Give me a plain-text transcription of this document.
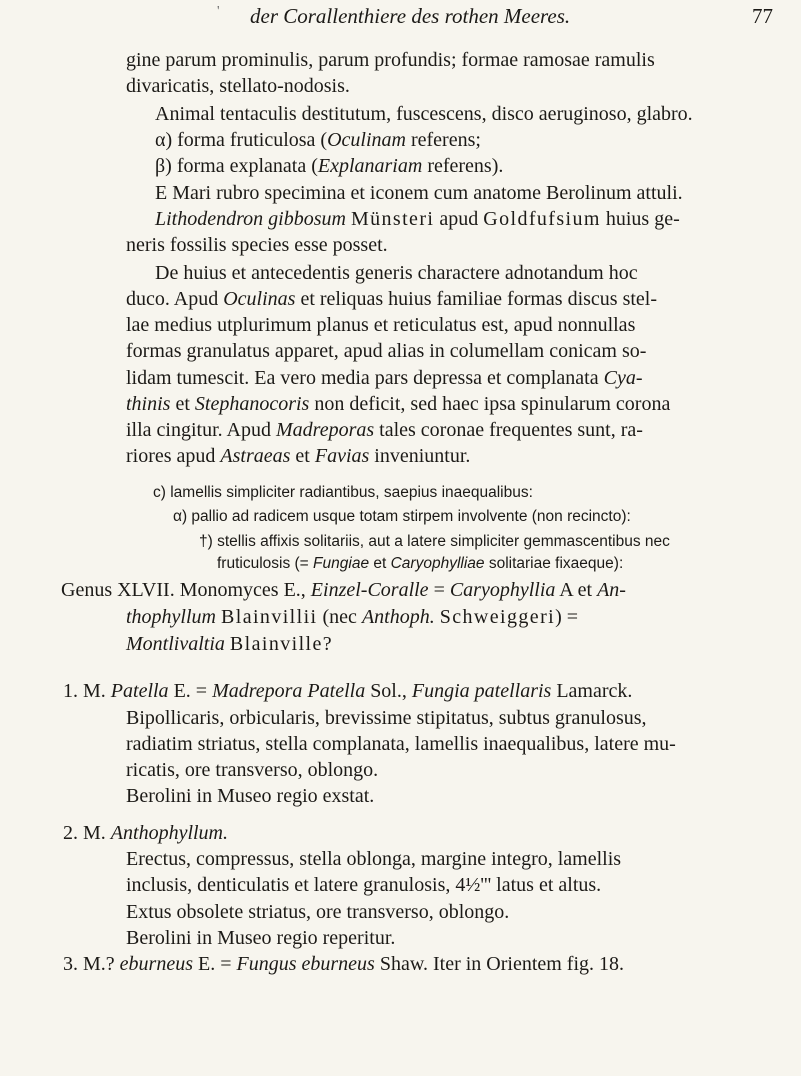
' der Corallenthiere des rothen Meeres.	77
gine parum prominulis, parum profundis; formae ramosae ramulis
divaricatis, stellato-nodosis.
Animal tentaculis destitutum, fuscescens, disco aeruginoso, glabro.
α) forma fruticulosa (Oculinam referens;
β) forma explanata (Explanariam referens).
E Mari rubro specimina et iconem cum anatome Berolinum attuli.
Lithodendron gibbosum Münsteri apud Goldfufsium huius ge-
neris fossilis species esse posset.
De huius et antecedentis generis charactere adnotandum hoc
duco. Apud Oculinas et reliquas huius familiae formas discus stel-
lae medius utplurimum planus et reticulatus est, apud nonnullas
formas granulatus apparet, apud alias in columellam conicam so-
lidam tumescit. Ea vero media pars depressa et complanata Cya-
thinis et Stephanocoris non deficit, sed haec ipsa spinularum corona
illa cingitur. Apud Madreporas tales coronae frequentes sunt, ra-
riores apud Astraeas et Favias inveniuntur.
c) lamellis simpliciter radiantibus, saepius inaequalibus:
α) pallio ad radicem usque totam stirpem involvente (non recincto):
†) stellis affixis solitariis, aut a latere simpliciter gemmascentibus nec
fruticulosis (= Fungiae et Caryophylliae solitariae fixaeque):
Genus XLVII. Monomyces E., Einzel-Coralle = Caryophyllia A et An-
thophyllum Blainvillii (nec Anthoph. Schweiggeri) =
Montlivaltia Blainville?
1. M. Patella E. = Madrepora Patella Sol., Fungia patellaris Lamarck.
Bipollicaris, orbicularis, brevissime stipitatus, subtus granulosus,
radiatim striatus, stella complanata, lamellis inaequalibus, latere mu-
ricatis, ore transverso, oblongo.
Berolini in Museo regio exstat.
2. M. Anthophyllum.
Erectus, compressus, stella oblonga, margine integro, lamellis
inclusis, denticulatis et latere granulosis, 4½''' latus et altus.
Extus obsolete striatus, ore transverso, oblongo.
Berolini in Museo regio reperitur.
3. M.? eburneus E. = Fungus eburneus Shaw. Iter in Orientem fig. 18.
